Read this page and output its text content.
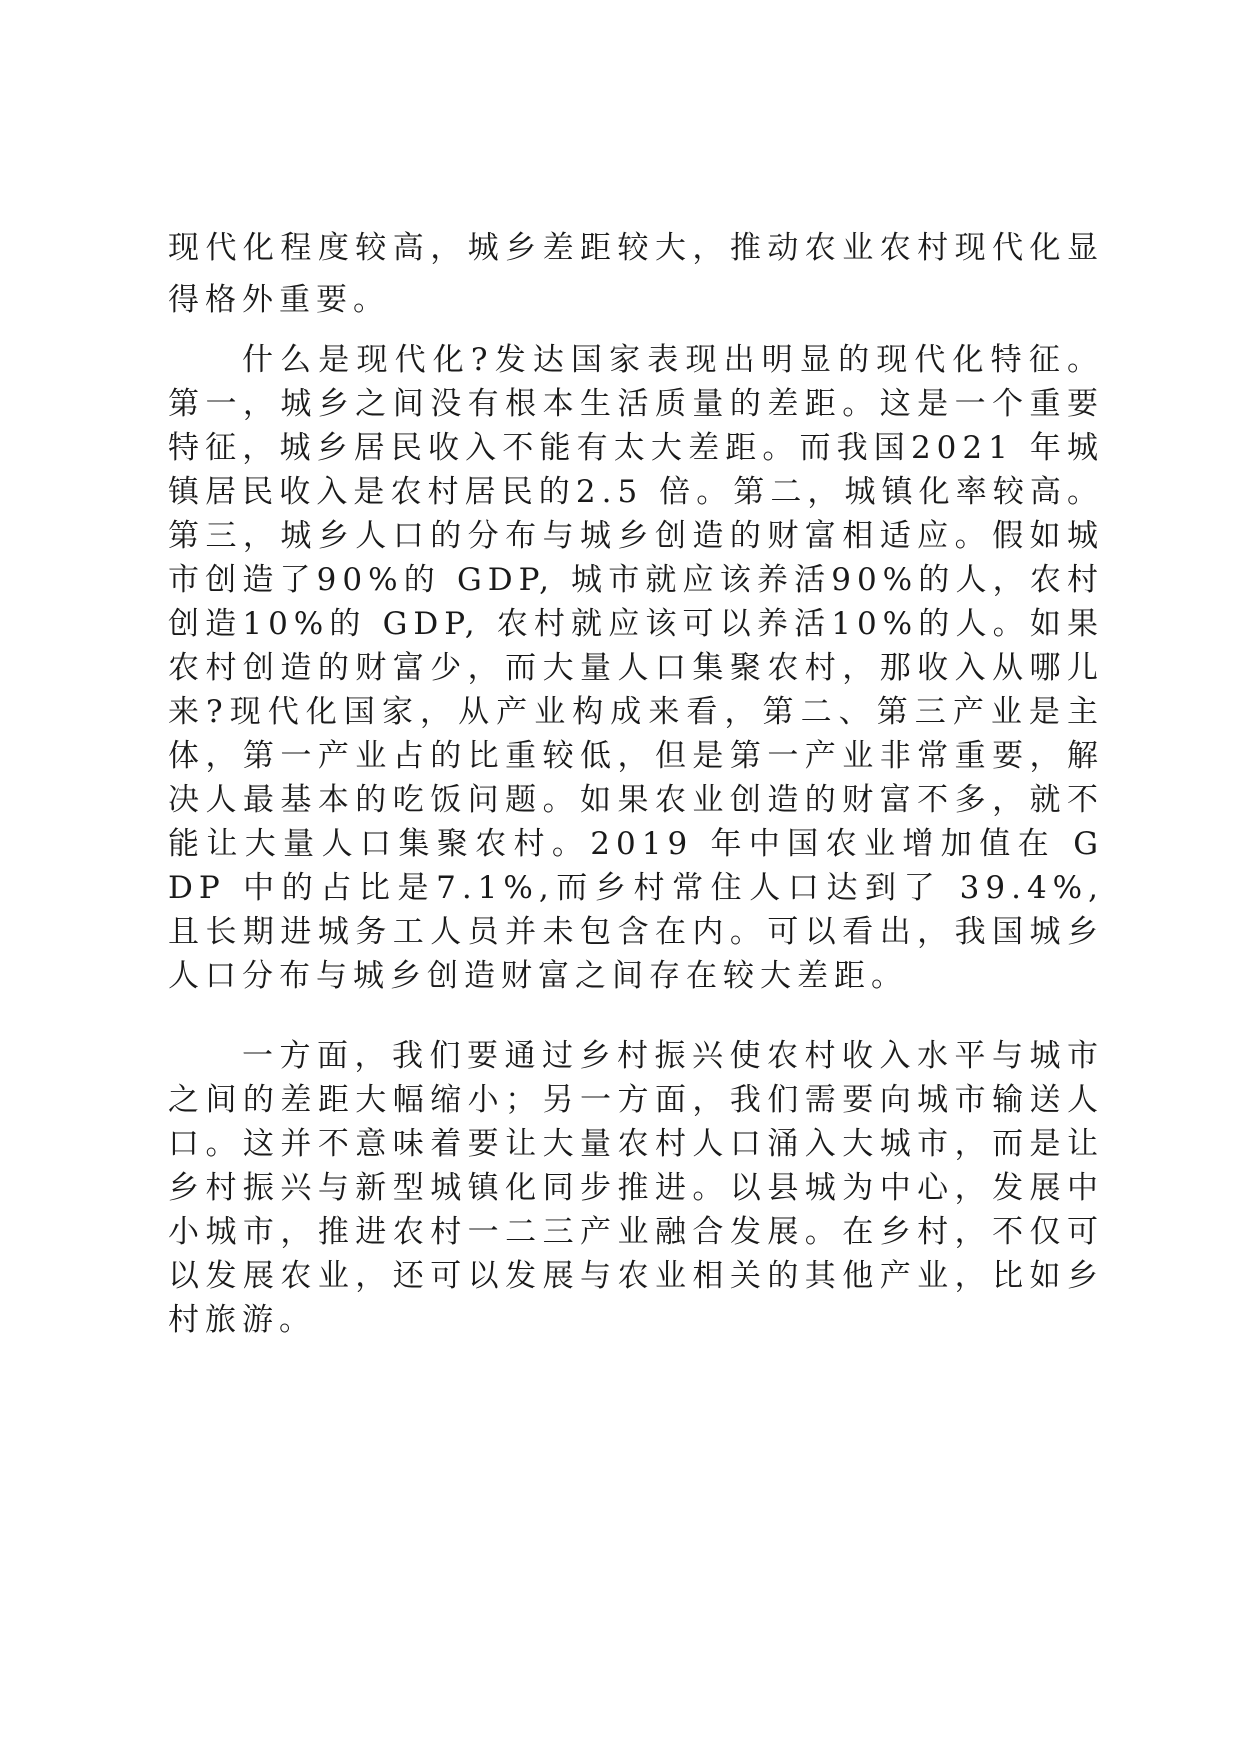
现代化程度较高，城乡差距较大，推动农业农村现代化显得格外重要。

什么是现代化?发达国家表现出明显的现代化特征。第一，城乡之间没有根本生活质量的差距。这是一个重要特征，城乡居民收入不能有太大差距。而我国2021 年城镇居民收入是农村居民的2.5 倍。第二，城镇化率较高。第三，城乡人口的分布与城乡创造的财富相适应。假如城市创造了90%的 GDP, 城市就应该养活90%的人，农村创造10%的 GDP, 农村就应该可以养活10%的人。如果农村创造的财富少，而大量人口集聚农村，那收入从哪儿来?现代化国家，从产业构成来看，第二、第三产业是主体，第一产业占的比重较低，但是第一产业非常重要，解决人最基本的吃饭问题。如果农业创造的财富不多，就不能让大量人口集聚农村。2019 年中国农业增加值在 GDP 中的占比是7.1%,而乡村常住人口达到了 39.4%,且长期进城务工人员并未包含在内。可以看出，我国城乡人口分布与城乡创造财富之间存在较大差距。

一方面，我们要通过乡村振兴使农村收入水平与城市之间的差距大幅缩小；另一方面，我们需要向城市输送人口。这并不意味着要让大量农村人口涌入大城市，而是让乡村振兴与新型城镇化同步推进。以县城为中心，发展中小城市，推进农村一二三产业融合发展。在乡村，不仅可以发展农业，还可以发展与农业相关的其他产业，比如乡村旅游。
